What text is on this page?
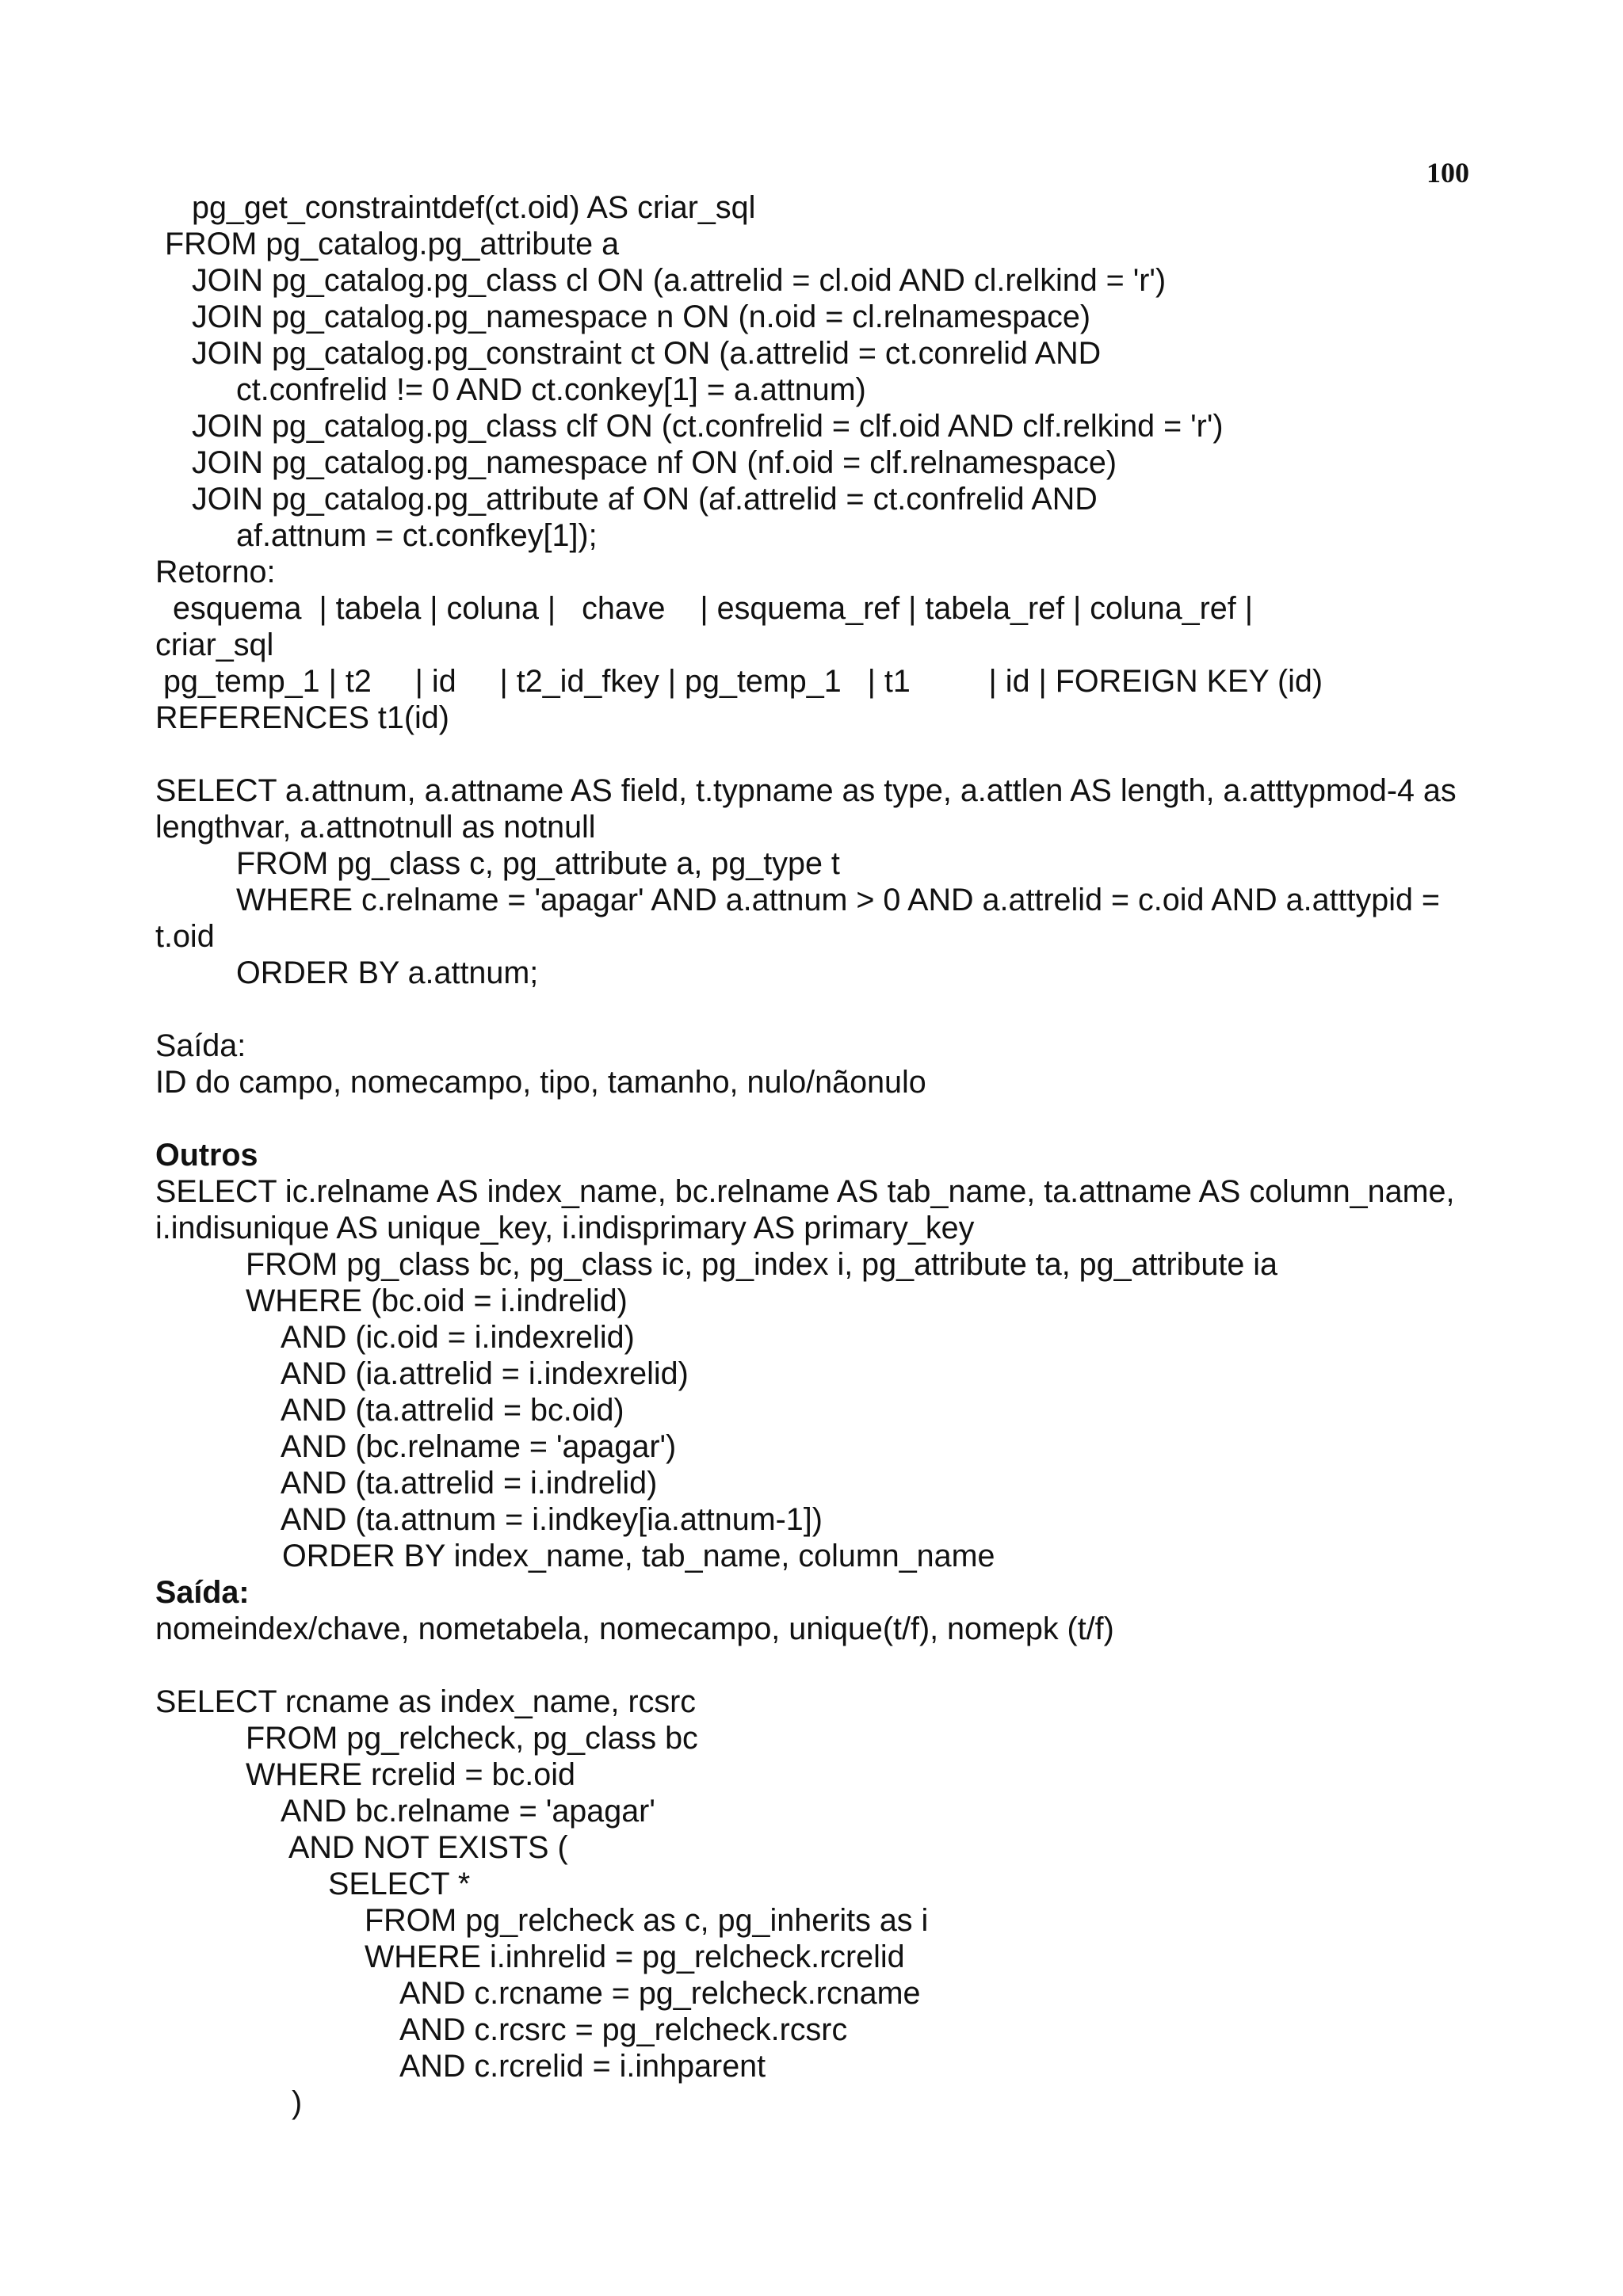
100
pg_get_constraintdef(ct.oid) AS criar_sql
FROM pg_catalog.pg_attribute a
JOIN pg_catalog.pg_class cl ON (a.attrelid = cl.oid AND cl.relkind = 'r')
JOIN pg_catalog.pg_namespace n ON (n.oid = cl.relnamespace)
JOIN pg_catalog.pg_constraint ct ON (a.attrelid = ct.conrelid AND
ct.confrelid != 0 AND ct.conkey[1] = a.attnum)
JOIN pg_catalog.pg_class clf ON (ct.confrelid = clf.oid AND clf.relkind = 'r')
JOIN pg_catalog.pg_namespace nf ON (nf.oid = clf.relnamespace)
JOIN pg_catalog.pg_attribute af ON (af.attrelid = ct.confrelid AND
af.attnum = ct.confkey[1]);
Retorno:
esquema  | tabela | coluna |   chave    | esquema_ref | tabela_ref | coluna_ref |
criar_sql
pg_temp_1 | t2     | id     | t2_id_fkey | pg_temp_1   | t1         | id | FOREIGN KEY (id)
REFERENCES t1(id)
SELECT a.attnum, a.attname AS field, t.typname as type, a.attlen AS length, a.atttypmod-4 as
lengthvar, a.attnotnull as notnull
FROM pg_class c, pg_attribute a, pg_type t
WHERE c.relname = 'apagar' AND a.attnum > 0 AND a.attrelid = c.oid AND a.atttypid =
t.oid
ORDER BY a.attnum;
Saída:
ID do campo, nomecampo, tipo, tamanho, nulo/nãonulo
Outros
SELECT ic.relname AS index_name, bc.relname AS tab_name, ta.attname AS column_name,
i.indisunique AS unique_key, i.indisprimary AS primary_key
FROM pg_class bc, pg_class ic, pg_index i, pg_attribute ta, pg_attribute ia
WHERE (bc.oid = i.indrelid)
AND (ic.oid = i.indexrelid)
AND (ia.attrelid = i.indexrelid)
AND (ta.attrelid = bc.oid)
AND (bc.relname = 'apagar')
AND (ta.attrelid = i.indrelid)
AND (ta.attnum = i.indkey[ia.attnum-1])
ORDER BY index_name, tab_name, column_name
Saída:
nomeindex/chave, nometabela, nomecampo, unique(t/f), nomepk (t/f)
SELECT rcname as index_name, rcsrc
FROM pg_relcheck, pg_class bc
WHERE rcrelid = bc.oid
AND bc.relname = 'apagar'
AND NOT EXISTS (
SELECT *
FROM pg_relcheck as c, pg_inherits as i
WHERE i.inhrelid = pg_relcheck.rcrelid
AND c.rcname = pg_relcheck.rcname
AND c.rcsrc = pg_relcheck.rcsrc
AND c.rcrelid = i.inhparent
)
